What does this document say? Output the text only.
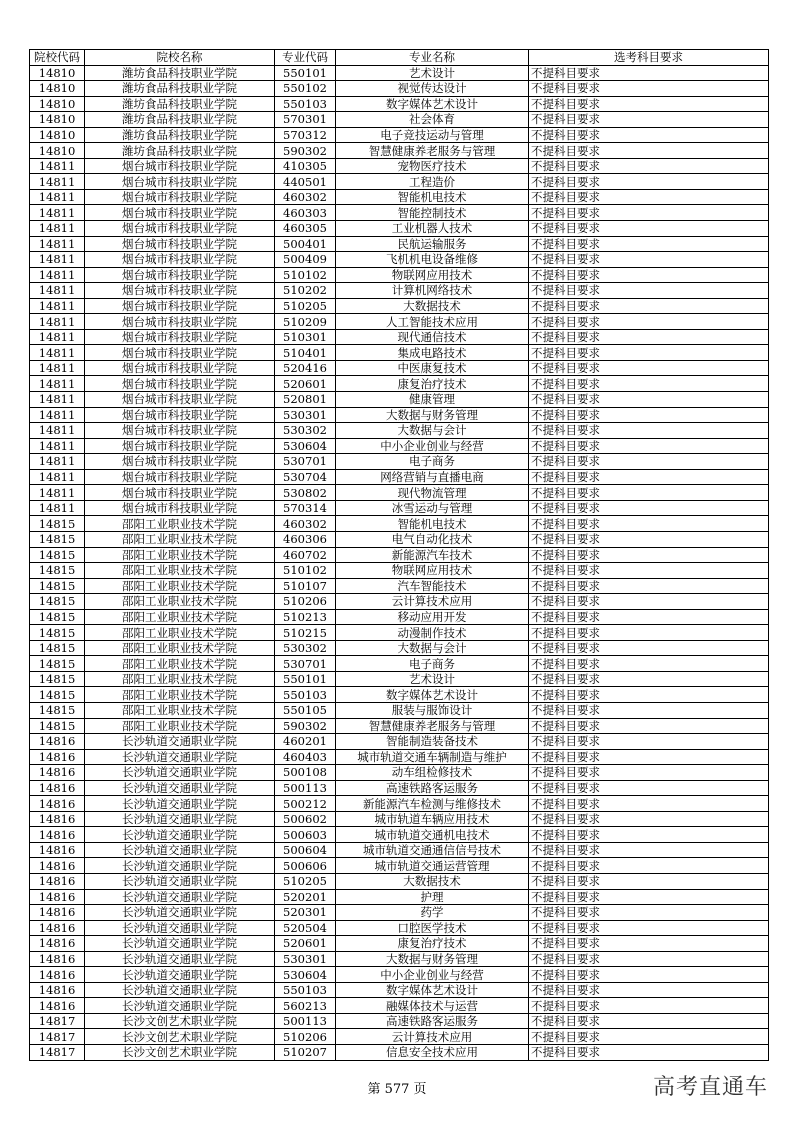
院校代码	院校名称	专业代码	专业名称	选考科目要求
14810	潍坊食品科技职业学院	550101	艺术设计	不提科目要求
14810	潍坊食品科技职业学院	550102	视觉传达设计	不提科目要求
14810	潍坊食品科技职业学院	550103	数字媒体艺术设计	不提科目要求
14810	潍坊食品科技职业学院	570301	社会体育	不提科目要求
14810	潍坊食品科技职业学院	570312	电子竞技运动与管理	不提科目要求
14810	潍坊食品科技职业学院	590302	智慧健康养老服务与管理	不提科目要求
14811	烟台城市科技职业学院	410305	宠物医疗技术	不提科目要求
14811	烟台城市科技职业学院	440501	工程造价	不提科目要求
14811	烟台城市科技职业学院	460302	智能机电技术	不提科目要求
14811	烟台城市科技职业学院	460303	智能控制技术	不提科目要求
14811	烟台城市科技职业学院	460305	工业机器人技术	不提科目要求
14811	烟台城市科技职业学院	500401	民航运输服务	不提科目要求
14811	烟台城市科技职业学院	500409	飞机机电设备维修	不提科目要求
14811	烟台城市科技职业学院	510102	物联网应用技术	不提科目要求
14811	烟台城市科技职业学院	510202	计算机网络技术	不提科目要求
14811	烟台城市科技职业学院	510205	大数据技术	不提科目要求
14811	烟台城市科技职业学院	510209	人工智能技术应用	不提科目要求
14811	烟台城市科技职业学院	510301	现代通信技术	不提科目要求
14811	烟台城市科技职业学院	510401	集成电路技术	不提科目要求
14811	烟台城市科技职业学院	520416	中医康复技术	不提科目要求
14811	烟台城市科技职业学院	520601	康复治疗技术	不提科目要求
14811	烟台城市科技职业学院	520801	健康管理	不提科目要求
14811	烟台城市科技职业学院	530301	大数据与财务管理	不提科目要求
14811	烟台城市科技职业学院	530302	大数据与会计	不提科目要求
14811	烟台城市科技职业学院	530604	中小企业创业与经营	不提科目要求
14811	烟台城市科技职业学院	530701	电子商务	不提科目要求
14811	烟台城市科技职业学院	530704	网络营销与直播电商	不提科目要求
14811	烟台城市科技职业学院	530802	现代物流管理	不提科目要求
14811	烟台城市科技职业学院	570314	冰雪运动与管理	不提科目要求
14815	邵阳工业职业技术学院	460302	智能机电技术	不提科目要求
14815	邵阳工业职业技术学院	460306	电气自动化技术	不提科目要求
14815	邵阳工业职业技术学院	460702	新能源汽车技术	不提科目要求
14815	邵阳工业职业技术学院	510102	物联网应用技术	不提科目要求
14815	邵阳工业职业技术学院	510107	汽车智能技术	不提科目要求
14815	邵阳工业职业技术学院	510206	云计算技术应用	不提科目要求
14815	邵阳工业职业技术学院	510213	移动应用开发	不提科目要求
14815	邵阳工业职业技术学院	510215	动漫制作技术	不提科目要求
14815	邵阳工业职业技术学院	530302	大数据与会计	不提科目要求
14815	邵阳工业职业技术学院	530701	电子商务	不提科目要求
14815	邵阳工业职业技术学院	550101	艺术设计	不提科目要求
14815	邵阳工业职业技术学院	550103	数字媒体艺术设计	不提科目要求
14815	邵阳工业职业技术学院	550105	服装与服饰设计	不提科目要求
14815	邵阳工业职业技术学院	590302	智慧健康养老服务与管理	不提科目要求
14816	长沙轨道交通职业学院	460201	智能制造装备技术	不提科目要求
14816	长沙轨道交通职业学院	460403	城市轨道交通车辆制造与维护	不提科目要求
14816	长沙轨道交通职业学院	500108	动车组检修技术	不提科目要求
14816	长沙轨道交通职业学院	500113	高速铁路客运服务	不提科目要求
14816	长沙轨道交通职业学院	500212	新能源汽车检测与维修技术	不提科目要求
14816	长沙轨道交通职业学院	500602	城市轨道车辆应用技术	不提科目要求
14816	长沙轨道交通职业学院	500603	城市轨道交通机电技术	不提科目要求
14816	长沙轨道交通职业学院	500604	城市轨道交通通信信号技术	不提科目要求
14816	长沙轨道交通职业学院	500606	城市轨道交通运营管理	不提科目要求
14816	长沙轨道交通职业学院	510205	大数据技术	不提科目要求
14816	长沙轨道交通职业学院	520201	护理	不提科目要求
14816	长沙轨道交通职业学院	520301	药学	不提科目要求
14816	长沙轨道交通职业学院	520504	口腔医学技术	不提科目要求
14816	长沙轨道交通职业学院	520601	康复治疗技术	不提科目要求
14816	长沙轨道交通职业学院	530301	大数据与财务管理	不提科目要求
14816	长沙轨道交通职业学院	530604	中小企业创业与经营	不提科目要求
14816	长沙轨道交通职业学院	550103	数字媒体艺术设计	不提科目要求
14816	长沙轨道交通职业学院	560213	融媒体技术与运营	不提科目要求
14817	长沙文创艺术职业学院	500113	高速铁路客运服务	不提科目要求
14817	长沙文创艺术职业学院	510206	云计算技术应用	不提科目要求
14817	长沙文创艺术职业学院	510207	信息安全技术应用	不提科目要求
第 577 页	高考直通车
